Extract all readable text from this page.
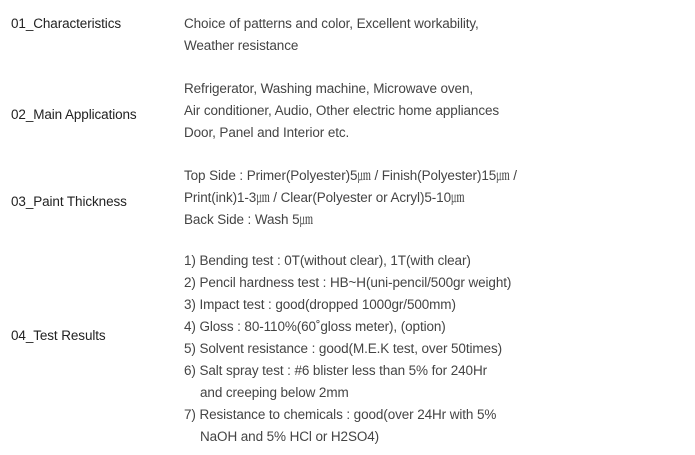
01_Characteristics	Choice of patterns and color, Excellent workability,
Weather resistance
02_Main Applications
Refrigerator, Washing machine, Microwave oven,
Air conditioner, Audio, Other electric home appliances
Door, Panel and Interior etc.
03_Paint Thickness
Top Side : Primer(Polyester)5㎛ / Finish(Polyester)15㎛ /
Print(ink)1-3㎛ / Clear(Polyester or Acryl)5-10㎛
Back Side : Wash 5㎛
04_Test Results
1) Bending test : 0T(without clear), 1T(with clear)
2) Pencil hardness test : HB~H(uni-pencil/500gr weight)
3) Impact test : good(dropped 1000gr/500mm)
4) Gloss : 80-110%(60˚gloss meter), (option)
5) Solvent resistance : good(M.E.K test, over 50times)
6) Salt spray test : #6 blister less than 5% for 240Hr
and creeping below 2mm
7) Resistance to chemicals : good(over 24Hr with 5%
NaOH and 5% HCl or H2SO4)
